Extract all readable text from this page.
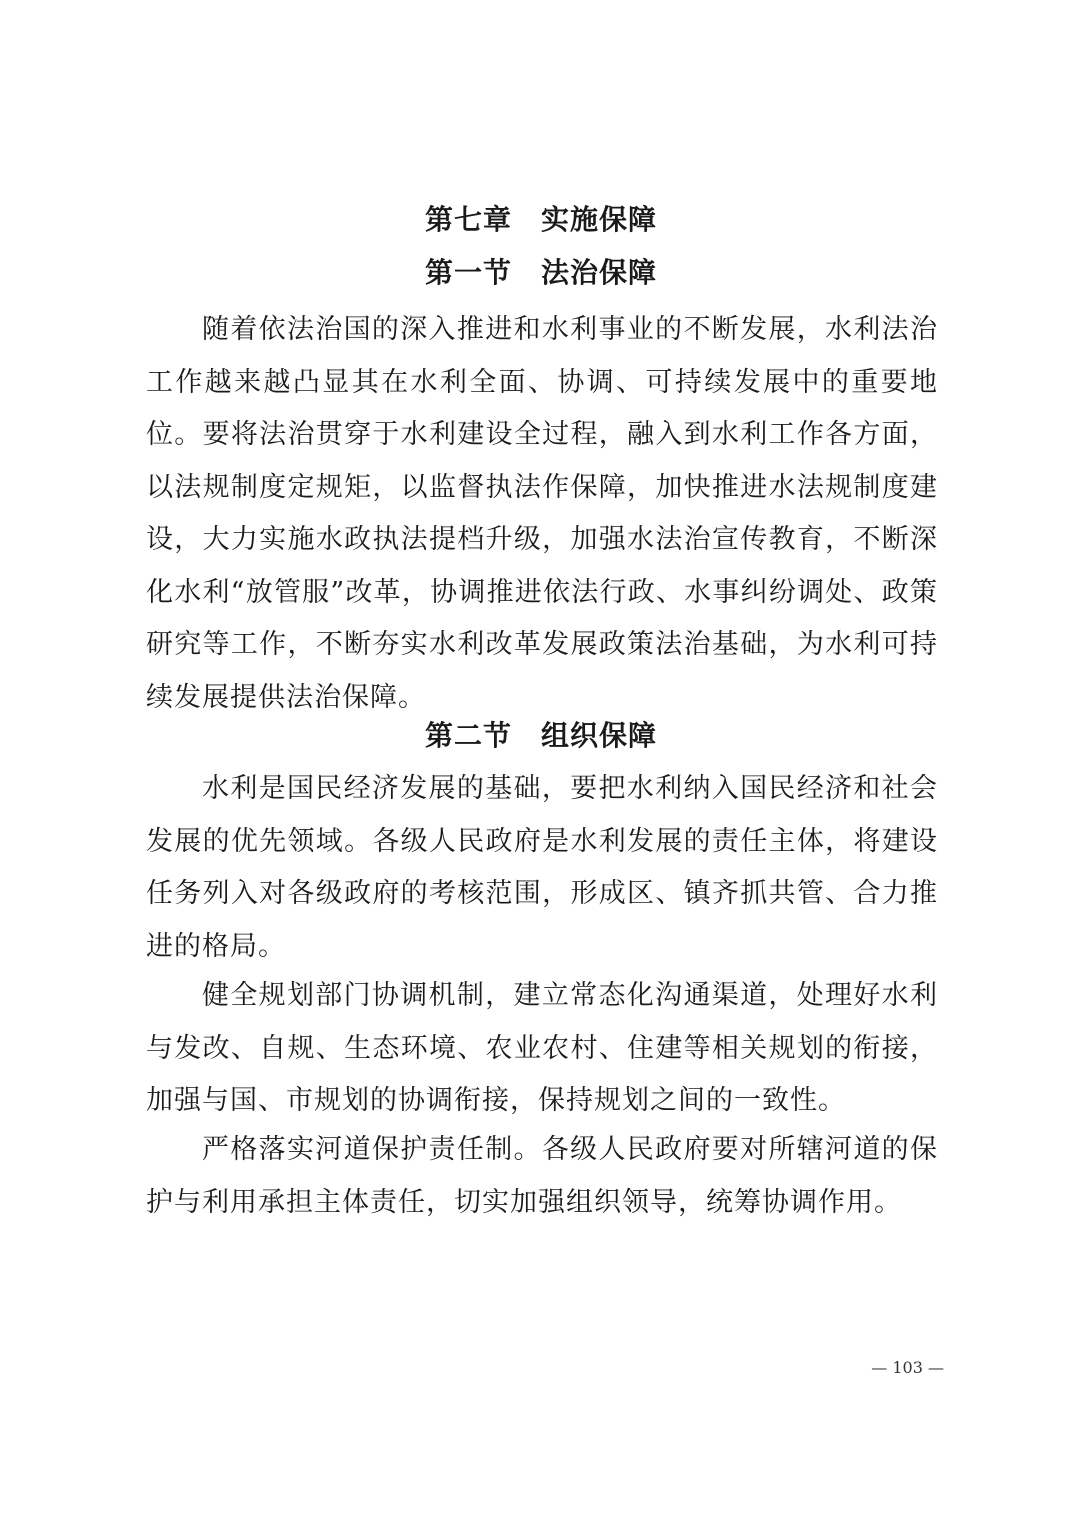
第七章　实施保障
第一节　法治保障

随着依法治国的深入推进和水利事业的不断发展，水利法治工作越来越凸显其在水利全面、协调、可持续发展中的重要地位。要将法治贯穿于水利建设全过程，融入到水利工作各方面，以法规制度定规矩，以监督执法作保障，加快推进水法规制度建设，大力实施水政执法提档升级，加强水法治宣传教育，不断深化水利“放管服”改革，协调推进依法行政、水事纠纷调处、政策研究等工作，不断夯实水利改革发展政策法治基础，为水利可持续发展提供法治保障。

第二节　组织保障

水利是国民经济发展的基础，要把水利纳入国民经济和社会发展的优先领域。各级人民政府是水利发展的责任主体，将建设任务列入对各级政府的考核范围，形成区、镇齐抓共管、合力推进的格局。

健全规划部门协调机制，建立常态化沟通渠道，处理好水利与发改、自规、生态环境、农业农村、住建等相关规划的衔接，加强与国、市规划的协调衔接，保持规划之间的一致性。

严格落实河道保护责任制。各级人民政府要对所辖河道的保护与利用承担主体责任，切实加强组织领导，统筹协调作用。

— 103 —
